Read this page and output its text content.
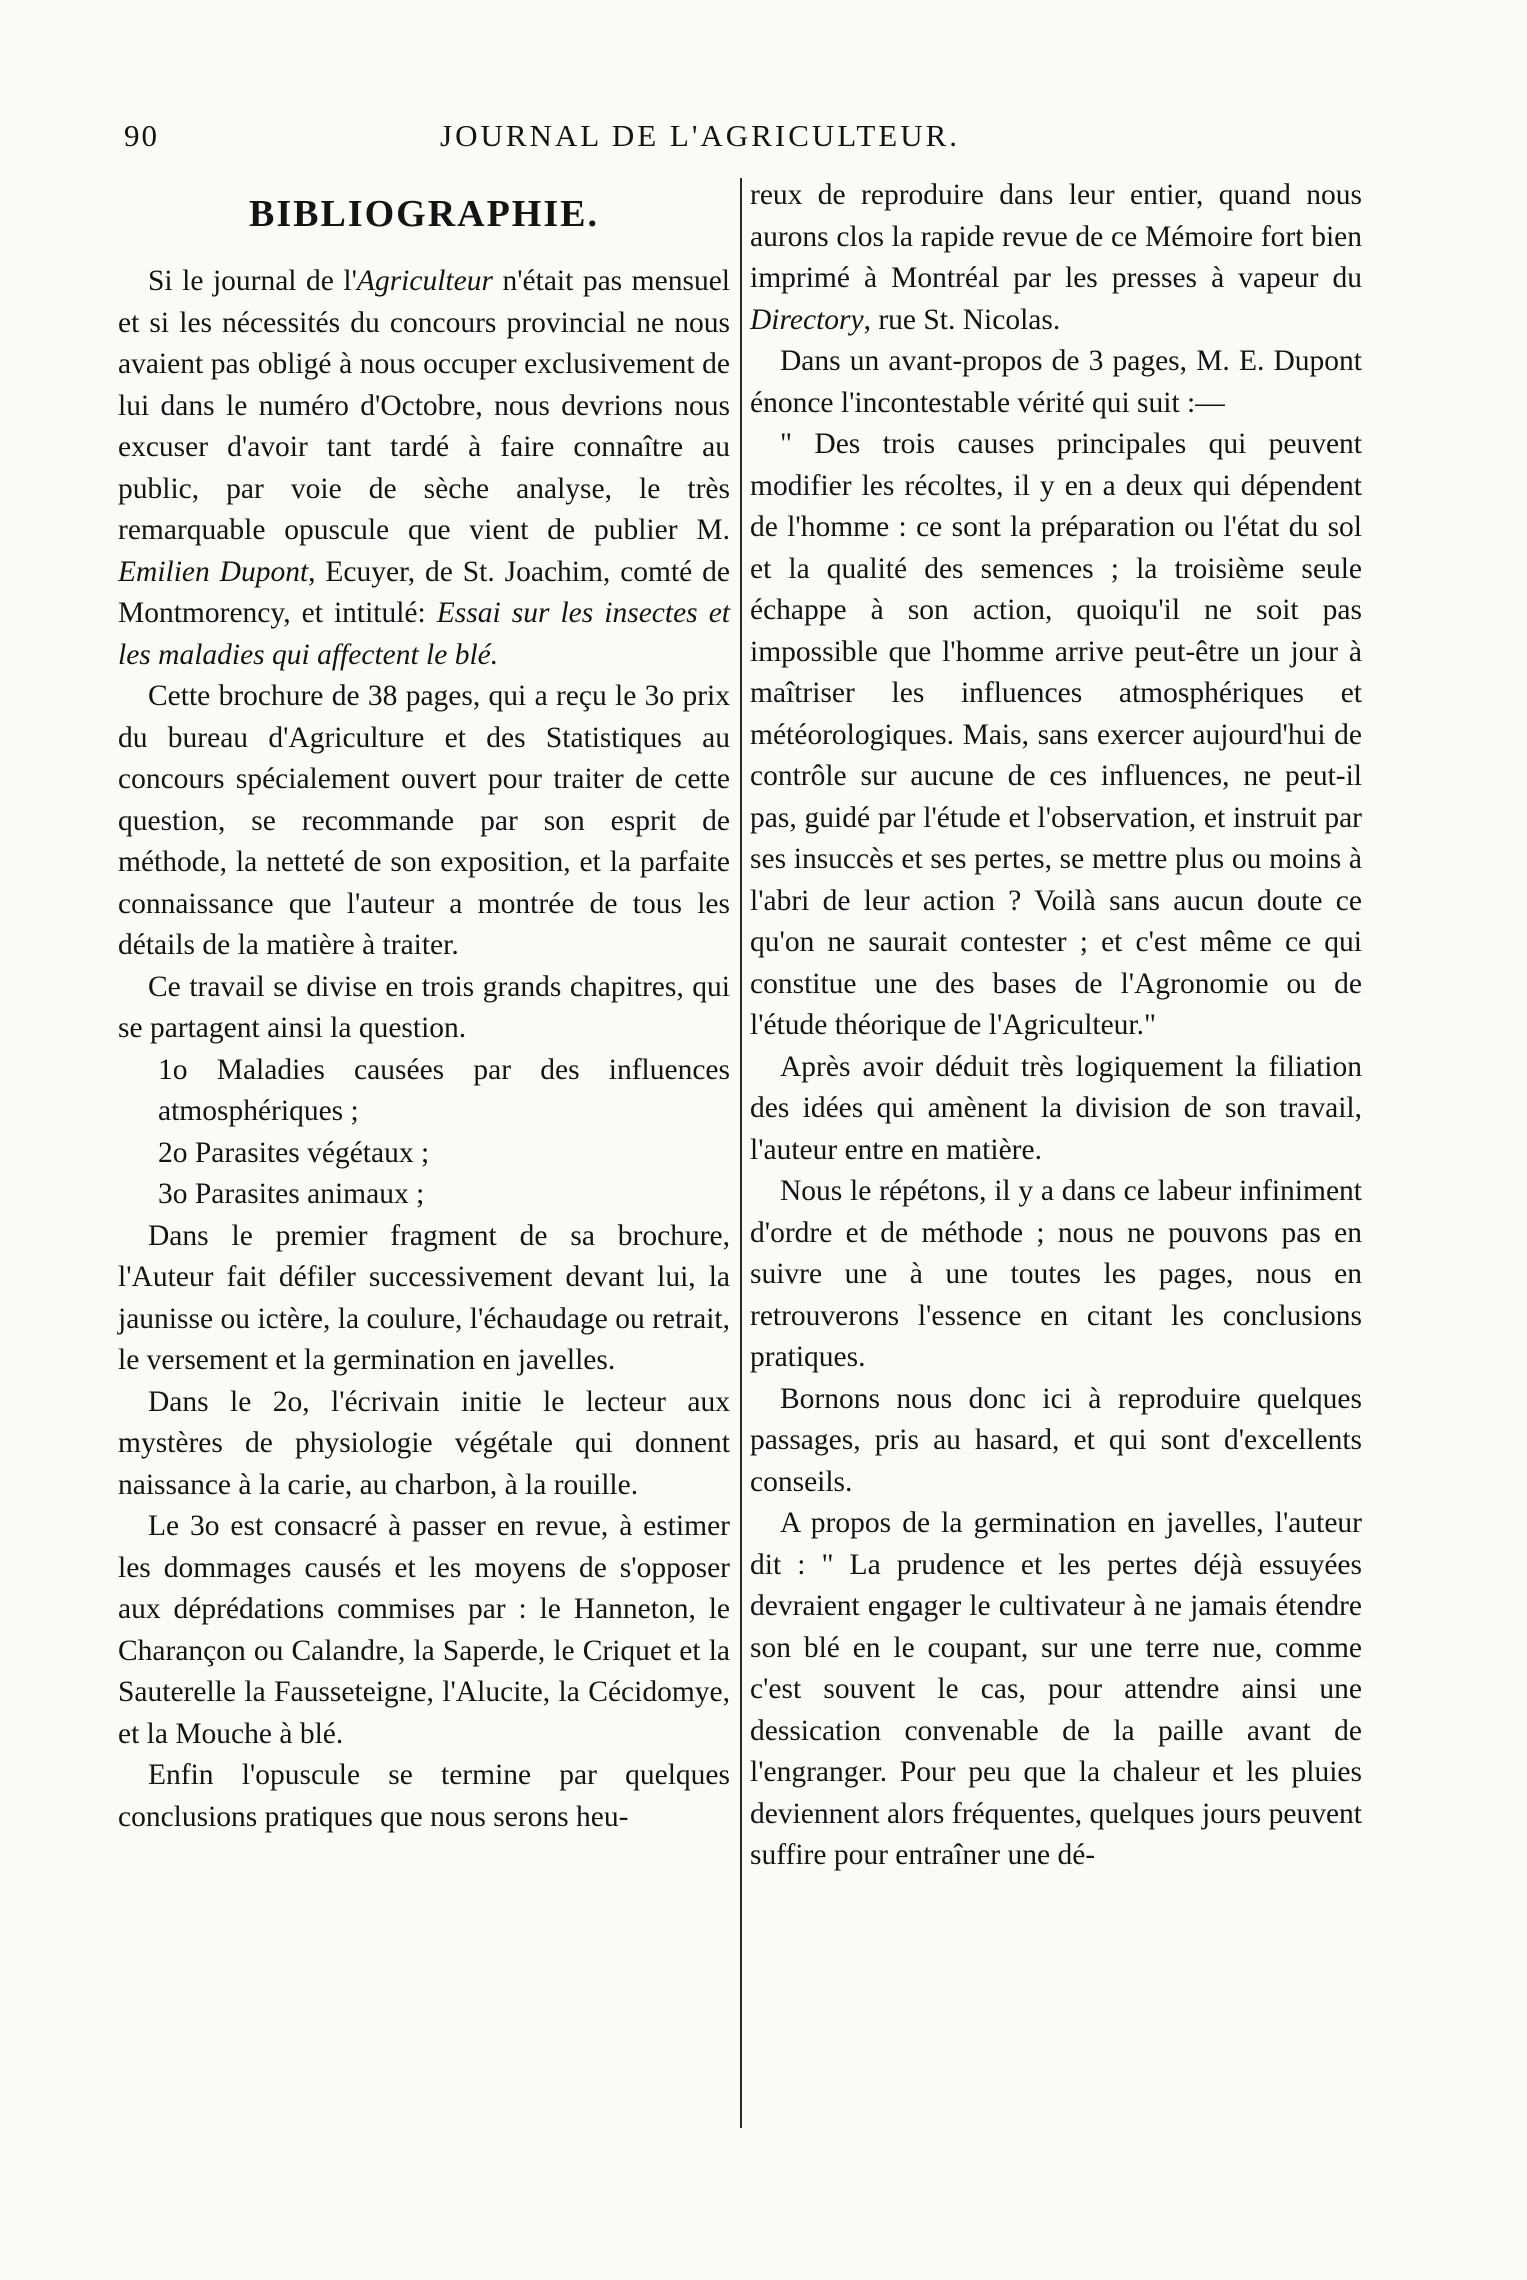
90	JOURNAL DE L'AGRICULTEUR.
BIBLIOGRAPHIE.

Si le journal de l'Agriculteur n'était pas mensuel et si les nécessités du concours provincial ne nous avaient pas obligé à nous occuper exclusivement de lui dans le numéro d'Octobre, nous devrions nous excuser d'avoir tant tardé à faire connaître au public, par voie de sèche analyse, le très remarquable opuscule que vient de publier M. Emilien Dupont, Ecuyer, de St. Joachim, comté de Montmorency, et intitulé: Essai sur les insectes et les maladies qui affectent le blé.

Cette brochure de 38 pages, qui a reçu le 3o prix du bureau d'Agriculture et des Statistiques au concours spécialement ouvert pour traiter de cette question, se recommande par son esprit de méthode, la netteté de son exposition, et la parfaite connaissance que l'auteur a montrée de tous les détails de la matière à traiter.

Ce travail se divise en trois grands chapitres, qui se partagent ainsi la question.

1o Maladies causées par des influences atmosphériques ;

2o Parasites végétaux ;

3o Parasites animaux ;

Dans le premier fragment de sa brochure, l'Auteur fait défiler successivement devant lui, la jaunisse ou ictère, la coulure, l'échaudage ou retrait, le versement et la germination en javelles.

Dans le 2o, l'écrivain initie le lecteur aux mystères de physiologie végétale qui donnent naissance à la carie, au charbon, à la rouille.

Le 3o est consacré à passer en revue, à estimer les dommages causés et les moyens de s'opposer aux déprédations commises par : le Hanneton, le Charançon ou Calandre, la Saperde, le Criquet et la Sauterelle la Fausseteigne, l'Alucite, la Cécidomye, et la Mouche à blé.

Enfin l'opuscule se termine par quelques conclusions pratiques que nous serons heu-

reux de reproduire dans leur entier, quand nous aurons clos la rapide revue de ce Mémoire fort bien imprimé à Montréal par les presses à vapeur du Directory, rue St. Nicolas.

Dans un avant-propos de 3 pages, M. E. Dupont énonce l'incontestable vérité qui suit :—

" Des trois causes principales qui peuvent modifier les récoltes, il y en a deux qui dépendent de l'homme : ce sont la préparation ou l'état du sol et la qualité des semences ; la troisième seule échappe à son action, quoiqu'il ne soit pas impossible que l'homme arrive peut-être un jour à maîtriser les influences atmosphériques et météorologiques. Mais, sans exercer aujourd'hui de contrôle sur aucune de ces influences, ne peut-il pas, guidé par l'étude et l'observation, et instruit par ses insuccès et ses pertes, se mettre plus ou moins à l'abri de leur action ? Voilà sans aucun doute ce qu'on ne saurait contester ; et c'est même ce qui constitue une des bases de l'Agronomie ou de l'étude théorique de l'Agriculteur."

Après avoir déduit très logiquement la filiation des idées qui amènent la division de son travail, l'auteur entre en matière.

Nous le répétons, il y a dans ce labeur infiniment d'ordre et de méthode ; nous ne pouvons pas en suivre une à une toutes les pages, nous en retrouverons l'essence en citant les conclusions pratiques.

Bornons nous donc ici à reproduire quelques passages, pris au hasard, et qui sont d'excellents conseils.

A propos de la germination en javelles, l'auteur dit : " La prudence et les pertes déjà essuyées devraient engager le cultivateur à ne jamais étendre son blé en le coupant, sur une terre nue, comme c'est souvent le cas, pour attendre ainsi une dessication convenable de la paille avant de l'engranger. Pour peu que la chaleur et les pluies deviennent alors fréquentes, quelques jours peuvent suffire pour entraîner une dé-
